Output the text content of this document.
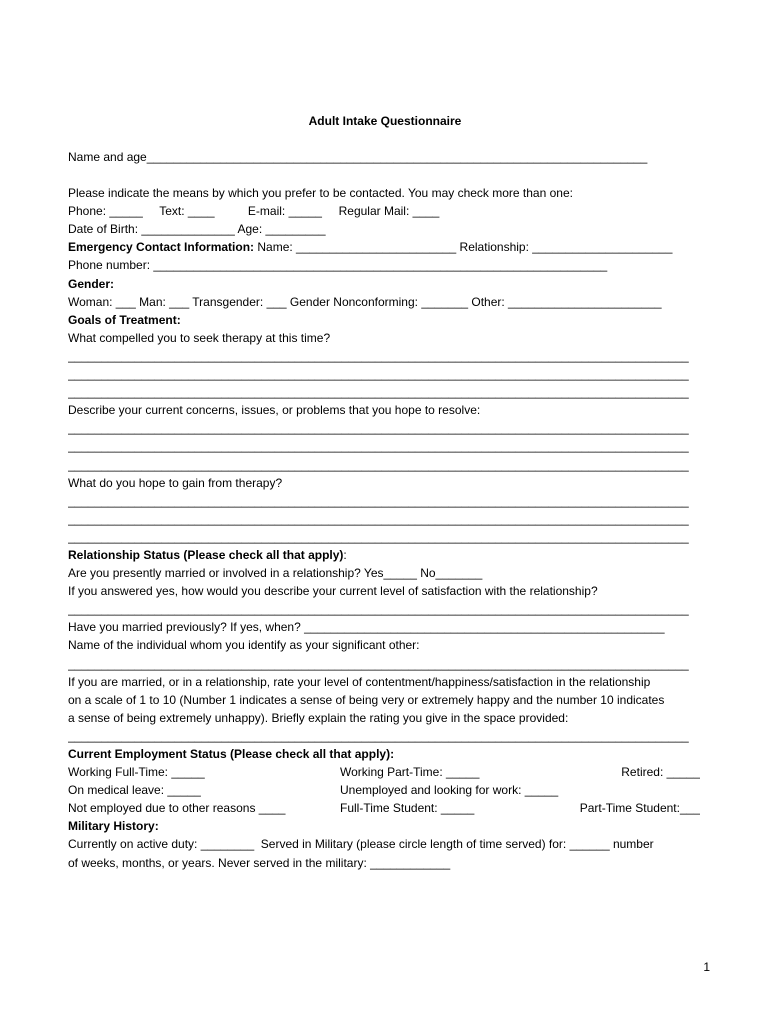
Adult Intake Questionnaire
Name and age___________________________________________________________________________
Please indicate the means by which you prefer to be contacted. You may check more than one:
Phone: _____     Text: ____          E-mail: _____     Regular Mail: ____
Date of Birth: ______________ Age: _________
Emergency Contact Information: Name: ________________________ Relationship: _____________________
Phone number: ____________________________________________________________________
Gender:
Woman: ___ Man: ___ Transgender: ___ Gender Nonconforming: _______ Other: _______________________
Goals of Treatment:
What compelled you to seek therapy at this time?
_____________________________________________________________________________________________
_____________________________________________________________________________________________
_____________________________________________________________________________________________
Describe your current concerns, issues, or problems that you hope to resolve:
_____________________________________________________________________________________________
_____________________________________________________________________________________________
_____________________________________________________________________________________________
What do you hope to gain from therapy?
_____________________________________________________________________________________________
_____________________________________________________________________________________________
_____________________________________________________________________________________________
Relationship Status (Please check all that apply):
Are you presently married or involved in a relationship? Yes_____ No_______
If you answered yes, how would you describe your current level of satisfaction with the relationship?
_____________________________________________________________________________________________
Have you married previously? If yes, when? ______________________________________________________
Name of the individual whom you identify as your significant other:
_____________________________________________________________________________________________
If you are married, or in a relationship, rate your level of contentment/happiness/satisfaction in the relationship
on a scale of 1 to 10 (Number 1 indicates a sense of being very or extremely happy and the number 10 indicates
a sense of being extremely unhappy). Briefly explain the rating you give in the space provided:
_____________________________________________________________________________________________
Current Employment Status (Please check all that apply):
Working Full-Time: _____	Working Part-Time: _____	Retired: _____
On medical leave: _____	Unemployed and looking for work: _____
Not employed due to other reasons ____	Full-Time Student: _____	Part-Time Student:___
Military History:
Currently on active duty: ________  Served in Military (please circle length of time served) for: ______ number
of weeks, months, or years. Never served in the military: ____________
1
